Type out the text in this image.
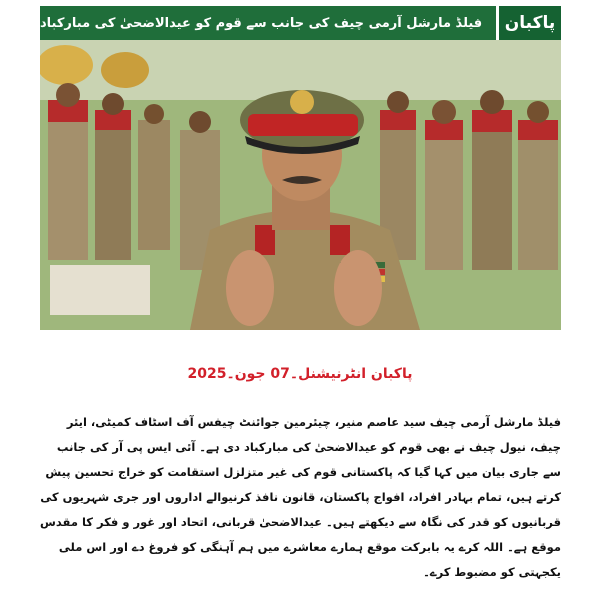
فیلڈ مارشل آرمی چیف کی جانب سے قوم کو عیدالاضحیٰ کی مبارکباد	پاکبان
پاکبان انٹرنیشنل۔07 جون۔2025

فیلڈ مارشل آرمی چیف سید عاصم منیر، چیئرمین جوائنٹ چیفس آف اسٹاف کمیٹی، ایئر چیف، نیول چیف نے بھی قوم کو عیدالاضحیٰ کی مبارکباد دی ہے۔ آئی ایس پی آر کی جانب سے جاری بیان میں کہا گیا کہ پاکستانی قوم کی غیر متزلزل استقامت کو خراج تحسین پیش کرتے ہیں، تمام بہادر افراد، افواج پاکستان، قانون نافذ کرنیوالے اداروں اور جری شہریوں کی قربانیوں کو قدر کی نگاہ سے دیکھتے ہیں۔ عیدالاضحیٰ قربانی، اتحاد اور غور و فکر کا مقدس موقع ہے۔ اللہ کرے یہ بابرکت موقع ہمارے معاشرے میں ہم آہنگی کو فروغ دے اور اس ملی یکجہتی کو مضبوط کرے۔
